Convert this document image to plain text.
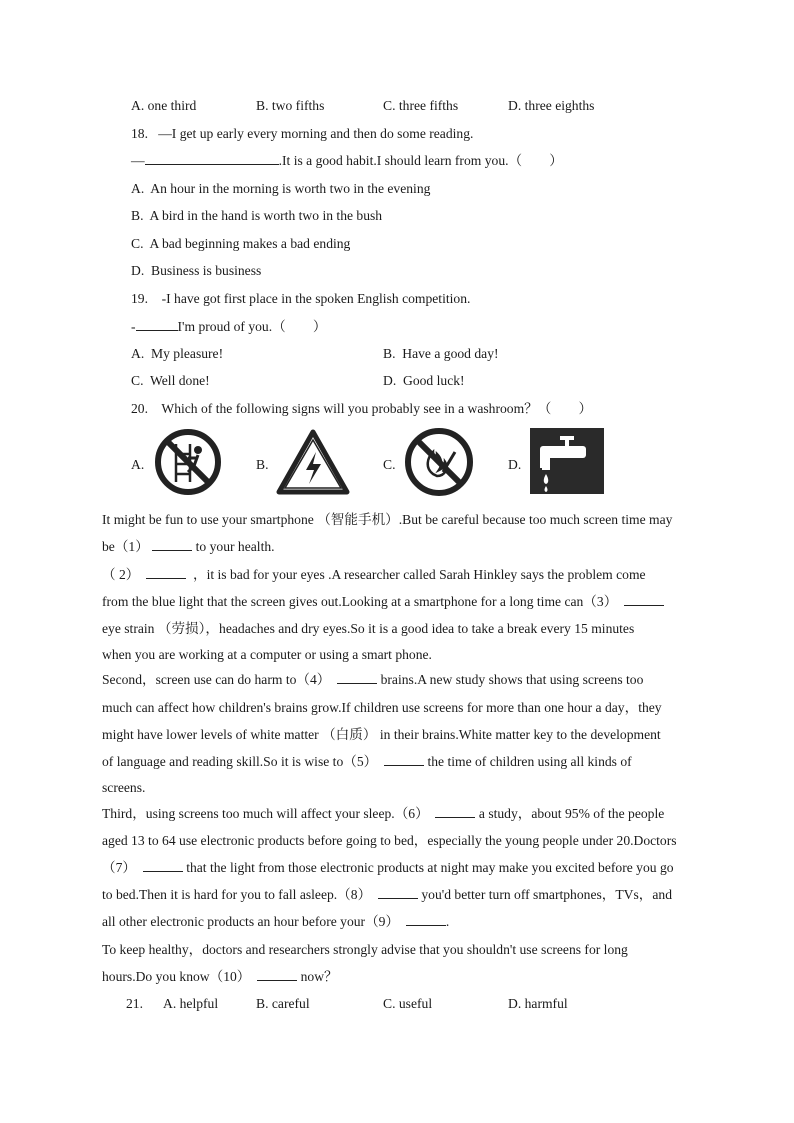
A. one third	B. two fifths	C. three fifths	D. three eighths
18. —I get up early every morning and then do some reading.
—	.It is a good habit.I should learn from you.（　　）
A. An hour in the morning is worth two in the evening
B. A bird in the hand is worth two in the bush
C. A bad beginning makes a bad ending
D. Business is business
19. -I have got first place in the spoken English competition.
-	I'm proud of you.（　　）
A. My pleasure!	B. Have a good day!
C. Well done!	D. Good luck!
20. Which of the following signs will you probably see in a washroom？（　　）
A.	B.	C.	D.
It might be fun to use your smartphone （智能手机）.But be careful because too much screen time may
be（1）	to your health.
（ 2）	，it is bad for your eyes .A researcher called Sarah Hinkley says the problem come
from the blue light that the screen gives out.Looking at a smartphone for a long time can（3）
eye strain （劳损），headaches and dry eyes.So it is a good idea to take a break every 15 minutes
when you are working at a computer or using a smart phone.
Second，screen use can do harm to（4）	brains.A new study shows that using screens too
much can affect how children's brains grow.If children use screens for more than one hour a day，they
might have lower levels of white matter （白质） in their brains.White matter key to the development
of language and reading skill.So it is wise to（5）	the time of children using all kinds of
screens.
Third，using screens too much will affect your sleep.（6）	a study，about 95% of the people
aged 13 to 64 use electronic products before going to bed，especially the young people under 20.Doctors
（7）	that the light from those electronic products at night may make you excited before you go
to bed.Then it is hard for you to fall asleep.（8）	you'd better turn off smartphones，TVs，and
all other electronic products an hour before your（9）	.
To keep healthy，doctors and researchers strongly advise that you shouldn't use screens for long
hours.Do you know（10）	now？
21. A. helpful	B. careful	C. useful	D. harmful
